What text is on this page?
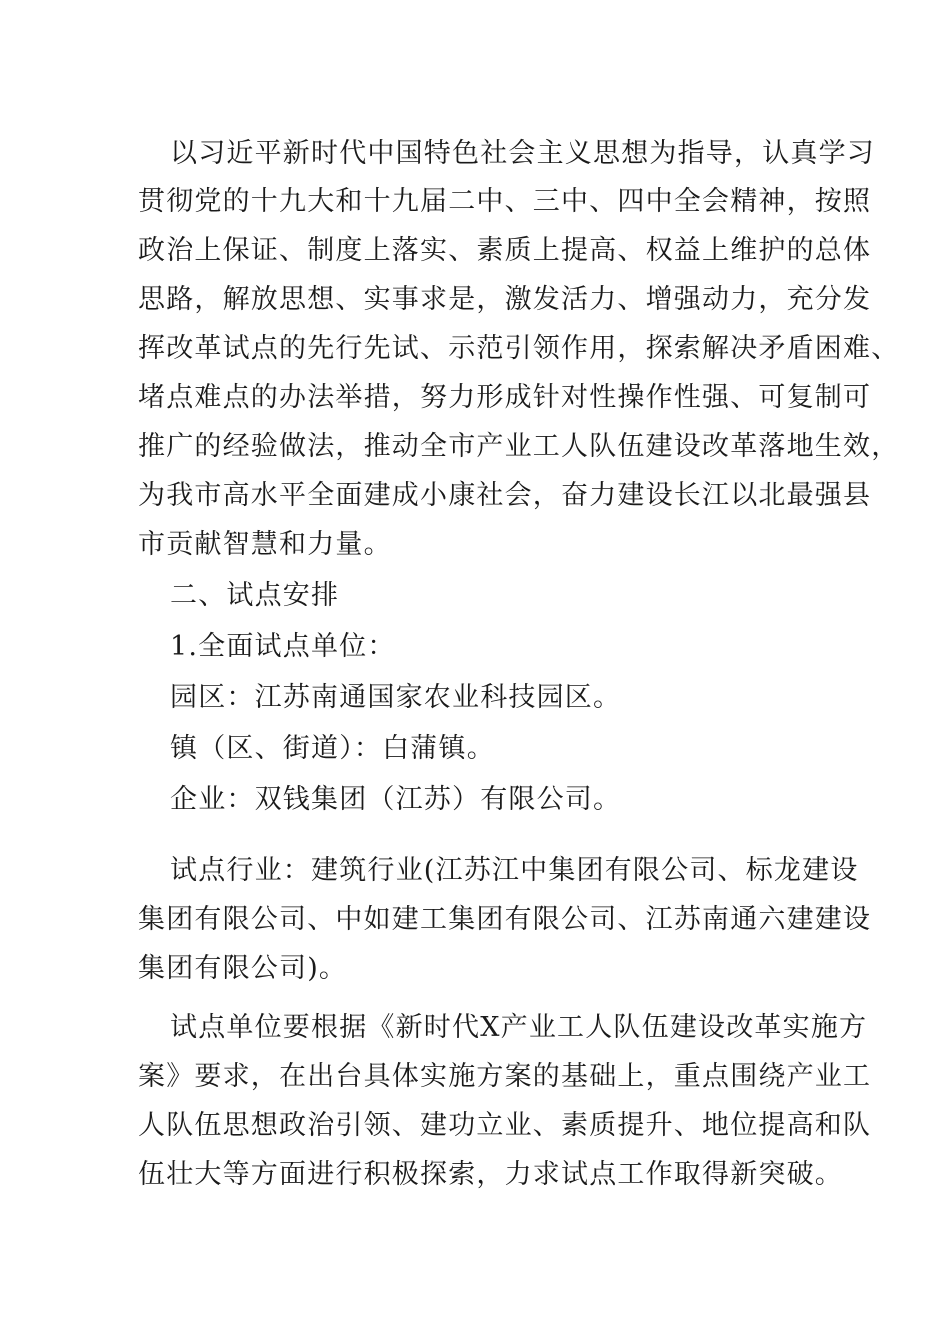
以习近平新时代中国特色社会主义思想为指导，认真学习
贯彻党的十九大和十九届二中、三中、四中全会精神，按照
政治上保证、制度上落实、素质上提高、权益上维护的总体
思路，解放思想、实事求是，激发活力、增强动力，充分发
挥改革试点的先行先试、示范引领作用，探索解决矛盾困难、
堵点难点的办法举措，努力形成针对性操作性强、可复制可
推广的经验做法，推动全市产业工人队伍建设改革落地生效，
为我市高水平全面建成小康社会，奋力建设长江以北最强县
市贡献智慧和力量。
二、试点安排
1.全面试点单位：
园区：江苏南通国家农业科技园区。
镇（区、街道）：白蒲镇。
企业：双钱集团（江苏）有限公司。
试点行业：建筑行业(江苏江中集团有限公司、标龙建设
集团有限公司、中如建工集团有限公司、江苏南通六建建设
集团有限公司)。
试点单位要根据《新时代X产业工人队伍建设改革实施方
案》要求，在出台具体实施方案的基础上，重点围绕产业工
人队伍思想政治引领、建功立业、素质提升、地位提高和队
伍壮大等方面进行积极探索，力求试点工作取得新突破。
